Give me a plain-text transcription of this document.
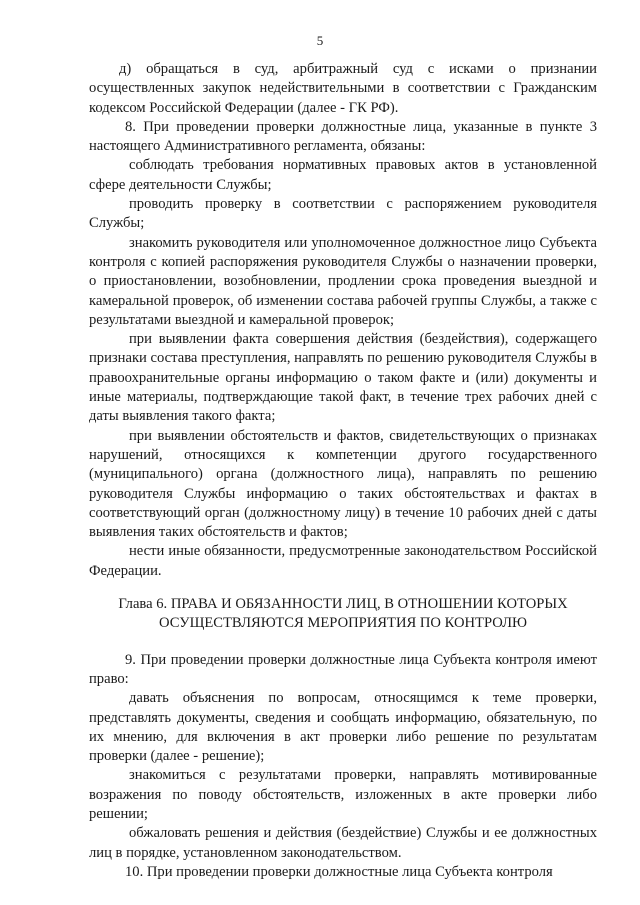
5

д) обращаться в суд, арбитражный суд с исками о признании осуществленных закупок недействительными в соответствии с Гражданским кодексом Российской Федерации (далее - ГК РФ).

8. При проведении проверки должностные лица, указанные в пункте 3 настоящего Административного регламента, обязаны:

соблюдать требования нормативных правовых актов в установленной сфере деятельности Службы;

проводить проверку в соответствии с распоряжением руководителя Службы;

знакомить руководителя или уполномоченное должностное лицо Субъекта контроля с копией распоряжения руководителя Службы о назначении проверки, о приостановлении, возобновлении, продлении срока проведения выездной и камеральной проверок, об изменении состава рабочей группы Службы, а также с результатами выездной и камеральной проверок;

при выявлении факта совершения действия (бездействия), содержащего признаки состава преступления, направлять по решению руководителя Службы в правоохранительные органы информацию о таком факте и (или) документы и иные материалы, подтверждающие такой факт, в течение трех рабочих дней с даты выявления такого факта;

при выявлении обстоятельств и фактов, свидетельствующих о признаках нарушений, относящихся к компетенции другого государственного (муниципального) органа (должностного лица), направлять по решению руководителя Службы информацию о таких обстоятельствах и фактах в соответствующий орган (должностному лицу) в течение 10 рабочих дней с даты выявления таких обстоятельств и фактов;

нести иные обязанности, предусмотренные законодательством Российской Федерации.

Глава 6. ПРАВА И ОБЯЗАННОСТИ ЛИЦ, В ОТНОШЕНИИ КОТОРЫХ ОСУЩЕСТВЛЯЮТСЯ МЕРОПРИЯТИЯ ПО КОНТРОЛЮ

9. При проведении проверки должностные лица Субъекта контроля имеют право:

давать объяснения по вопросам, относящимся к теме проверки, представлять документы, сведения и сообщать информацию, обязательную, по их мнению, для включения в акт проверки либо решение по результатам проверки (далее - решение);

знакомиться с результатами проверки, направлять мотивированные возражения по поводу обстоятельств, изложенных в акте проверки либо решении;

обжаловать решения и действия (бездействие) Службы и ее должностных лиц в порядке, установленном законодательством.

10. При проведении проверки должностные лица Субъекта контроля
